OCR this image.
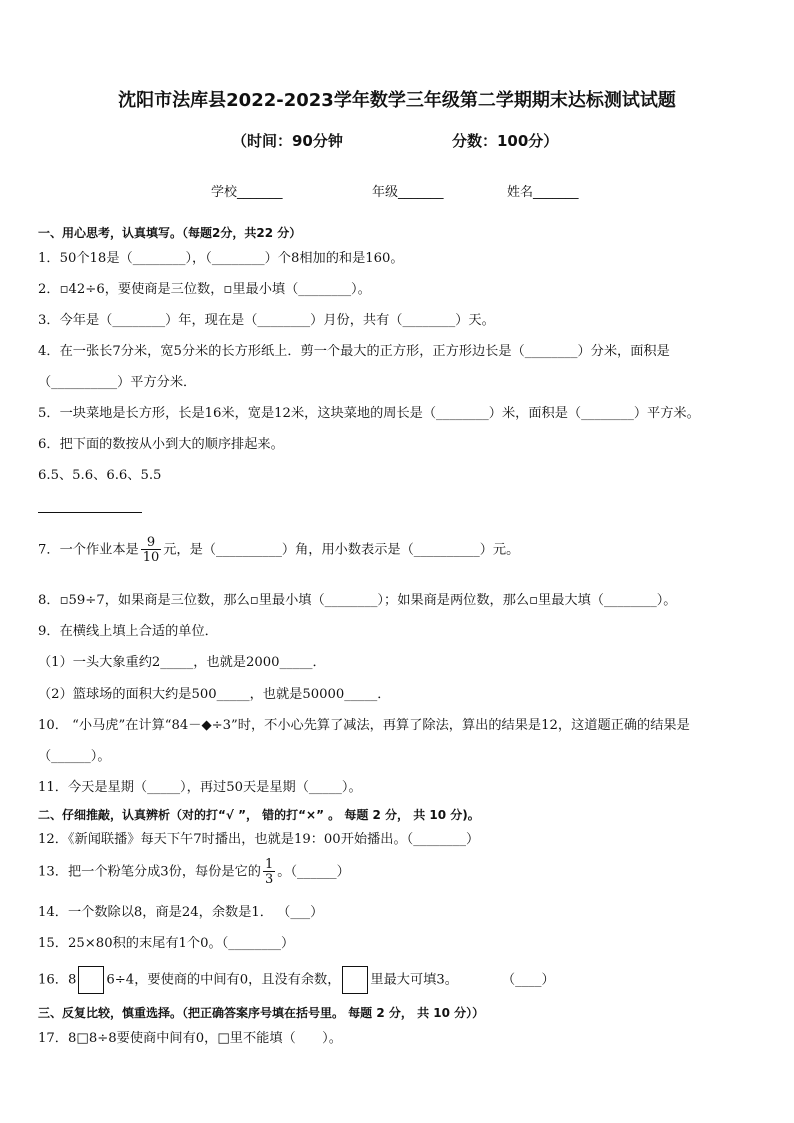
沈阳市法库县2022-2023学年数学三年级第二学期期末达标测试试题
（时间：90分钟	分数：100分）
学校_______	年级_______	姓名_______
一、用心思考，认真填写。（每题2分，共22 分）
1．50个18是（________），（________）个8相加的和是160。
2．▫42÷6，要使商是三位数，▫里最小填（________）。
3．今年是（________）年，现在是（________）月份，共有（________）天。
4．在一张长7分米，宽5分米的长方形纸上．剪一个最大的正方形，正方形边长是（________）分米，面积是
（__________）平方分米．
5．一块菜地是长方形，长是16米，宽是12米，这块菜地的周长是（________）米，面积是（________）平方米。
6．把下面的数按从小到大的顺序排起来。
6.5、5.6、6.6、5.5
7．一个作业本是 $\frac{9}{10}$ 元，是（__________）角，用小数表示是（__________）元。
8．▫59÷7，如果商是三位数，那么▫里最小填（________）；如果商是两位数，那么▫里最大填（________）。
9．在横线上填上合适的单位．
（1）一头大象重约2_____，也就是2000_____．
（2）篮球场的面积大约是500_____，也就是50000_____．
10． “小马虎”在计算“84－◆÷3”时，不小心先算了减法，再算了除法，算出的结果是12，这道题正确的结果是
（______）。
11．今天是星期（_____），再过50天是星期（_____）。
二、仔细推敲，认真辨析（对的打“√ ”， 错的打“×” 。 每题 2 分， 共 10 分)。
12．《新闻联播》每天下午7时播出，也就是19：00开始播出。（________）
13．把一个粉笔分成3份，每份是它的 $\frac{1}{3}$ 。（______）
14．一个数除以8，商是24，余数是1． （___）
15．25×80积的末尾有1个0。（________）
16．8 6÷4，要使商的中间有0，且没有余数， 里最大可填3。	（____）
三、反复比较，慎重选择。（把正确答案序号填在括号里。 每题 2 分， 共 10 分））
17．8□8÷8要使商中间有0，□里不能填（　　）。
